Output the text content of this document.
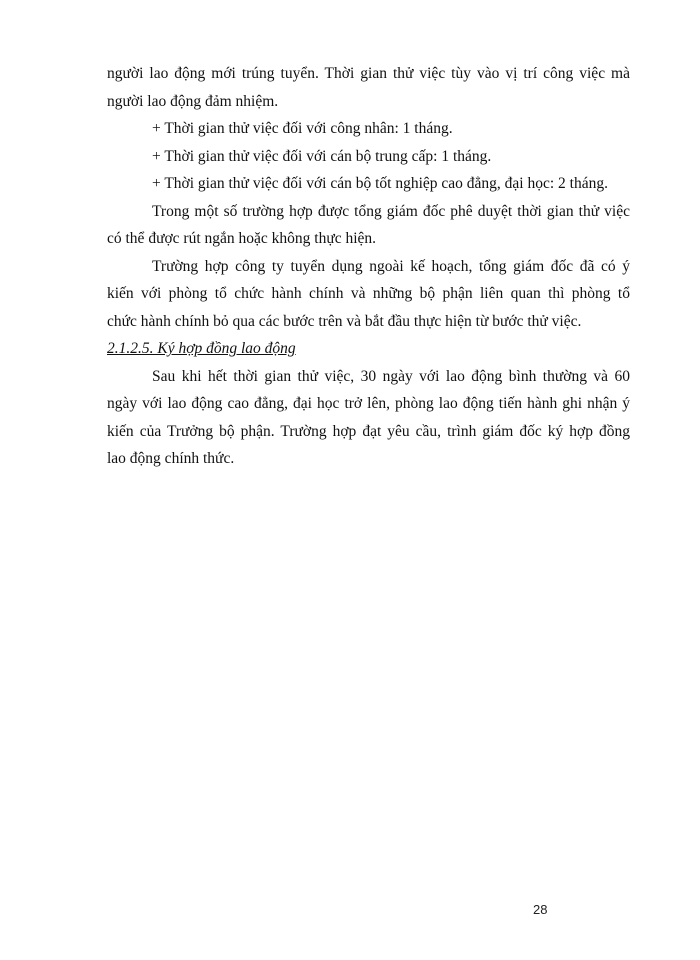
người lao động mới trúng tuyển. Thời gian thử việc tùy vào vị trí công việc mà
người lao động đảm nhiệm.
+ Thời gian thử việc đối với công nhân: 1 tháng.
+ Thời gian thử việc đối với cán bộ trung cấp: 1 tháng.
+ Thời gian thử việc đối với cán bộ tốt nghiệp cao đẳng, đại học: 2 tháng.
Trong một số trường hợp được tổng giám đốc phê duyệt thời gian thử việc
có thể được rút ngắn hoặc không thực hiện.
Trường hợp công ty tuyển dụng ngoài kế hoạch, tổng giám đốc đã có ý
kiến với phòng tổ chức hành chính và những bộ phận liên quan thì phòng tổ
chức hành chính bỏ qua các bước trên và bắt đầu thực hiện từ bước thử việc.
2.1.2.5. Ký hợp đồng lao động
Sau khi hết thời gian thử việc, 30 ngày với lao động bình thường và 60
ngày với lao động cao đẳng, đại học trở lên, phòng lao động tiến hành ghi nhận ý
kiến của Trưởng bộ phận. Trường hợp đạt yêu cầu, trình giám đốc ký hợp đồng
lao động chính thức.
28
